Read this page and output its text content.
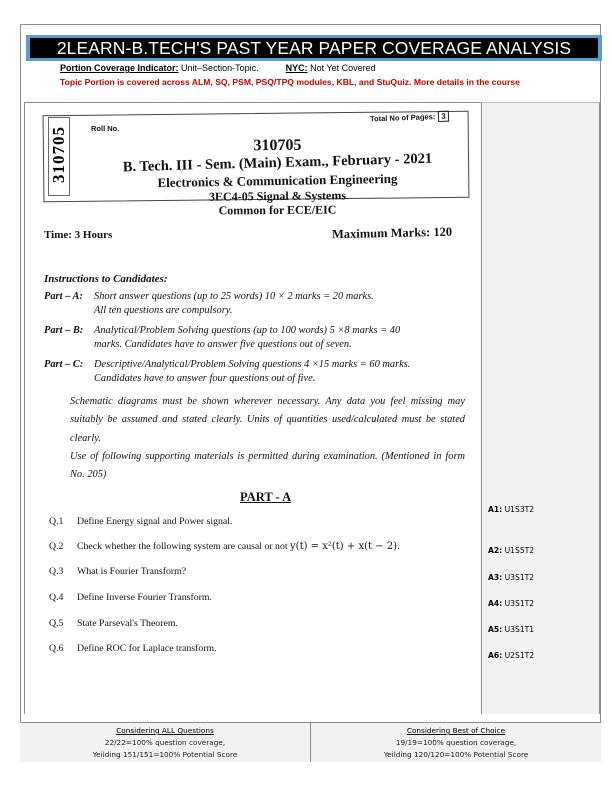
2LEARN-B.TECH'S PAST YEAR PAPER COVERAGE ANALYSIS
Portion Coverage Indicator: Unit–Section-Topic.	NYC: Not Yet Covered
Topic Portion is covered across ALM, SQ, PSM, PSQ/TPQ modules, KBL, and StuQuiz. More details in the course
A1: U1S3T2
A2: U1S5T2
A3: U3S1T2
A4: U3S1T2
A5: U3S1T1
A6: U2S1T2
310705	Roll No.
Total No of Pages: 3
310705
B. Tech. III - Sem. (Main) Exam., February - 2021
Electronics & Communication Engineering
3EC4-05 Signal & Systems
Common for ECE/EIC
Time: 3 Hours	Maximum Marks: 120
Instructions to Candidates:
Part – A: Short answer questions (up to 25 words) 10 × 2 marks = 20 marks.
All ten questions are compulsory.
Part – B: Analytical/Problem Solving questions (up to 100 words) 5 ×8 marks = 40
marks. Candidates have to answer five questions out of seven.
Part – C: Descriptive/Analytical/Problem Solving questions 4 ×15 marks = 60 marks.
Candidates have to answer four questions out of five.
Schematic diagrams must be shown wherever necessary. Any data you feel missing may suitably be assumed and stated clearly. Units of quantities used/calculated must be stated clearly.
Use of following supporting materials is permitted during examination. (Mentioned in form No. 205)
PART - A
Q.1 Define Energy signal and Power signal.
Q.2 Check whether the following system are causal or not y(t) = x²(t) + x(t − 2).
Q.3 What is Fourier Transform?
Q.4 Define Inverse Fourier Transform.
Q.5 State Parseval's Theorem.
Q.6 Define ROC for Laplace transform.
Considering ALL Questions
22/22=100% question coverage,
Yeilding 151/151=100% Potential Score
Considering Best of Choice
19/19=100% question coverage,
Yeilding 120/120=100% Potential Score
